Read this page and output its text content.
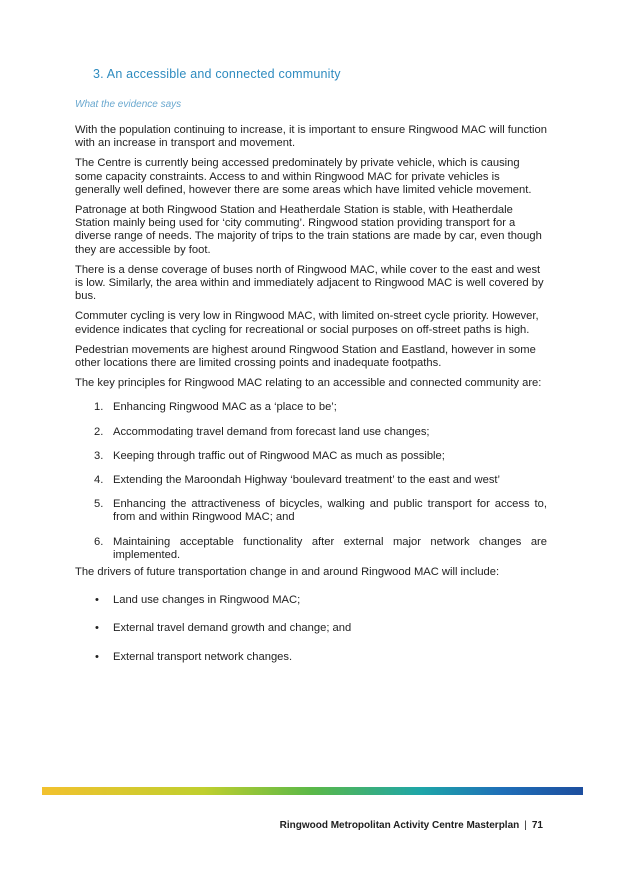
3. An accessible and connected community
What the evidence says

With the population continuing to increase, it is important to ensure Ringwood MAC will function with an increase in transport and movement.

The Centre is currently being accessed predominately by private vehicle, which is causing some capacity constraints. Access to and within Ringwood MAC for private vehicles is generally well defined, however there are some areas which have limited vehicle movement.

Patronage at both Ringwood Station and Heatherdale Station is stable, with Heatherdale Station mainly being used for ‘city commuting’. Ringwood station providing transport for a diverse range of needs. The majority of trips to the train stations are made by car, even though they are accessible by foot.

There is a dense coverage of buses north of Ringwood MAC, while cover to the east and west is low. Similarly, the area within and immediately adjacent to Ringwood MAC is well covered by bus.

Commuter cycling is very low in Ringwood MAC, with limited on-street cycle priority. However, evidence indicates that cycling for recreational or social purposes on off-street paths is high.

Pedestrian movements are highest around Ringwood Station and Eastland, however in some other locations there are limited crossing points and inadequate footpaths.

The key principles for Ringwood MAC relating to an accessible and connected community are:

1. Enhancing Ringwood MAC as a ‘place to be’;
2. Accommodating travel demand from forecast land use changes;
3. Keeping through traffic out of Ringwood MAC as much as possible;
4. Extending the Maroondah Highway ‘boulevard treatment’ to the east and west’
5. Enhancing the attractiveness of bicycles, walking and public transport for access to, from and within Ringwood MAC; and
6. Maintaining acceptable functionality after external major network changes are implemented.

The drivers of future transportation change in and around Ringwood MAC will include:

• Land use changes in Ringwood MAC;
• External travel demand growth and change; and
• External transport network changes.
Ringwood Metropolitan Activity Centre Masterplan | 71
